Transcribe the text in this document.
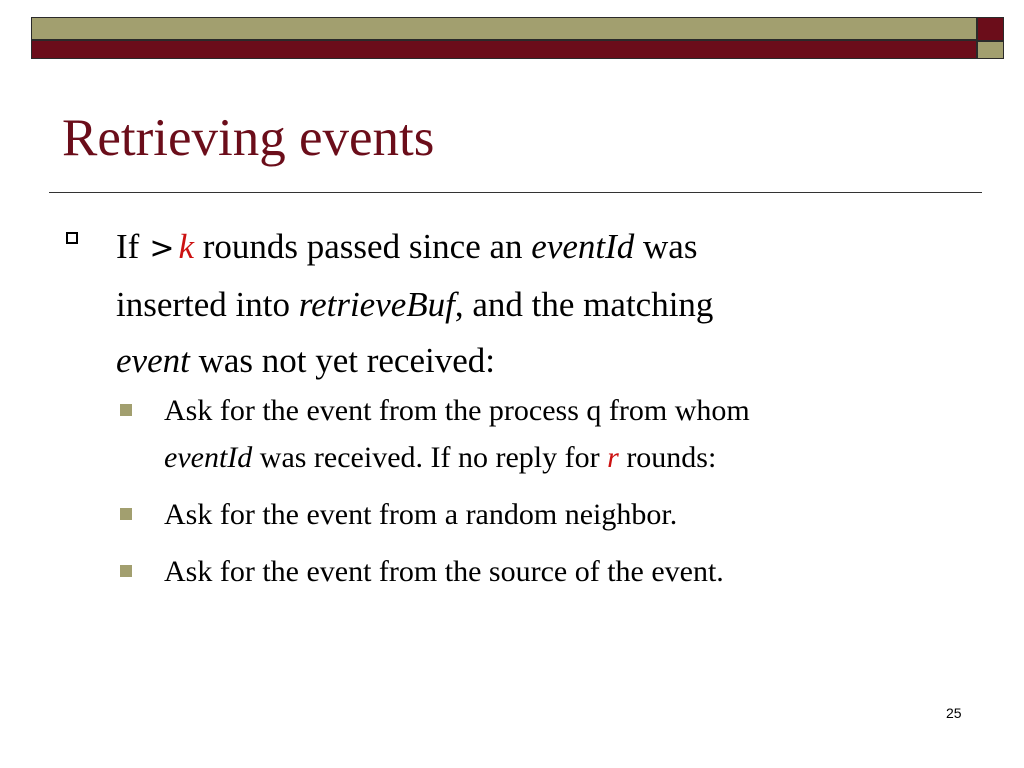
Retrieving events

If > k rounds passed since an eventId was
inserted into retrieveBuf, and the matching
event was not yet received:

Ask for the event from the process q from whom
eventId was received. If no reply for r rounds:
Ask for the event from a random neighbor.
Ask for the event from the source of the event.
25
